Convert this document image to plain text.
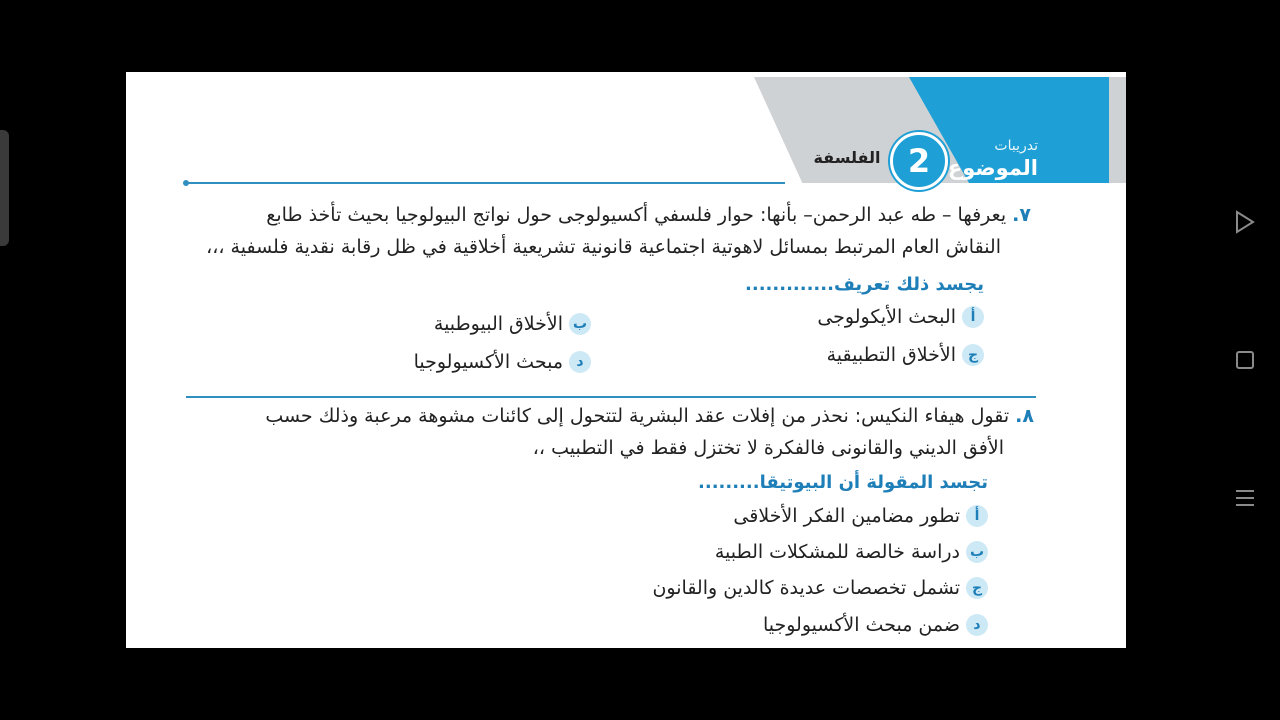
2
الفلسفة
تدريبات
الموضوع
٧. يعرفها – طه عبد الرحمن– بأنها: حوار فلسفي أكسيولوجى حول نواتج البيولوجيا بحيث تأخذ طابع
النقاش العام المرتبط بمسائل لاهوتية اجتماعية قانونية تشريعية أخلاقية في ظل رقابة نقدية فلسفية ،،،
يجسد ذلك تعريف.............
أ
البحث الأيكولوجى
ب
الأخلاق البيوطبية
ج
الأخلاق التطبيقية
د
مبحث الأكسيولوجيا
٨. تقول هيفاء النكيس: نحذر من إفلات عقد البشرية لتتحول إلى كائنات مشوهة مرعبة وذلك حسب
الأفق الديني والقانونى فالفكرة لا تختزل فقط في التطبيب ،،
تجسد المقولة أن البيوتيقا.........
أ
تطور مضامين الفكر الأخلاقى
ب
دراسة خالصة للمشكلات الطبية
ج
تشمل تخصصات عديدة كالدين والقانون
د
ضمن مبحث الأكسيولوجيا
